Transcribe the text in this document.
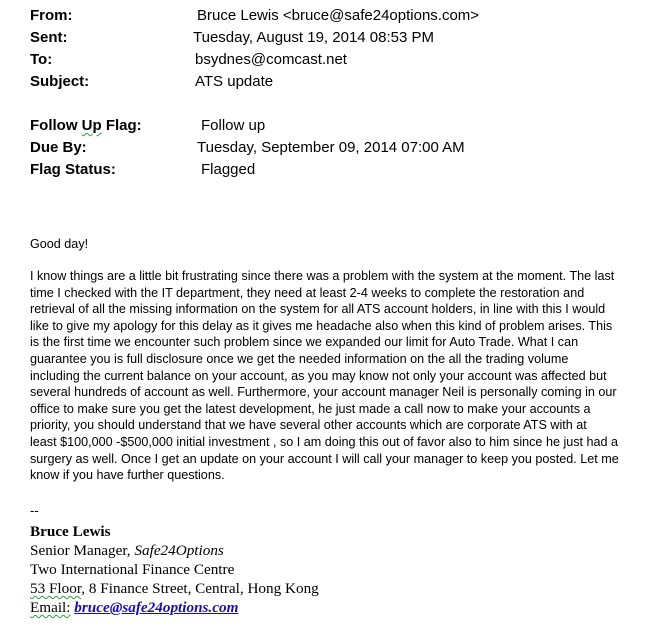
From:	Bruce Lewis <bruce@safe24options.com>
Sent:	Tuesday, August 19, 2014 08:53 PM
To:	bsydnes@comcast.net
Subject:	ATS update
Follow Up Flag:	Follow up
Due By:	Tuesday, September 09, 2014 07:00 AM
Flag Status:	Flagged
Good day!
I know things are a little bit frustrating since there was a problem with the system at the moment. The last
time I checked with the IT department, they need at least 2-4 weeks to complete the restoration and
retrieval of all the missing information on the system for all ATS account holders, in line with this I would
like to give my apology for this delay as it gives me headache also when this kind of problem arises. This
is the first time we encounter such problem since we expanded our limit for Auto Trade. What I can
guarantee you is full disclosure once we get the needed information on the all the trading volume
including the current balance on your account, as you may know not only your account was affected but
several hundreds of account as well. Furthermore, your account manager Neil is personally coming in our
office to make sure you get the latest development, he just made a call now to make your accounts a
priority, you should understand that we have several other accounts which are corporate ATS with at
least $100,000 -$500,000 initial investment , so I am doing this out of favor also to him since he just had a
surgery as well. Once I get an update on your account I will call your manager to keep you posted. Let me
know if you have further questions.
--
Bruce Lewis
Senior Manager, Safe24Options
Two International Finance Centre
53 Floor, 8 Finance Street, Central, Hong Kong
Email: bruce@safe24options.com
